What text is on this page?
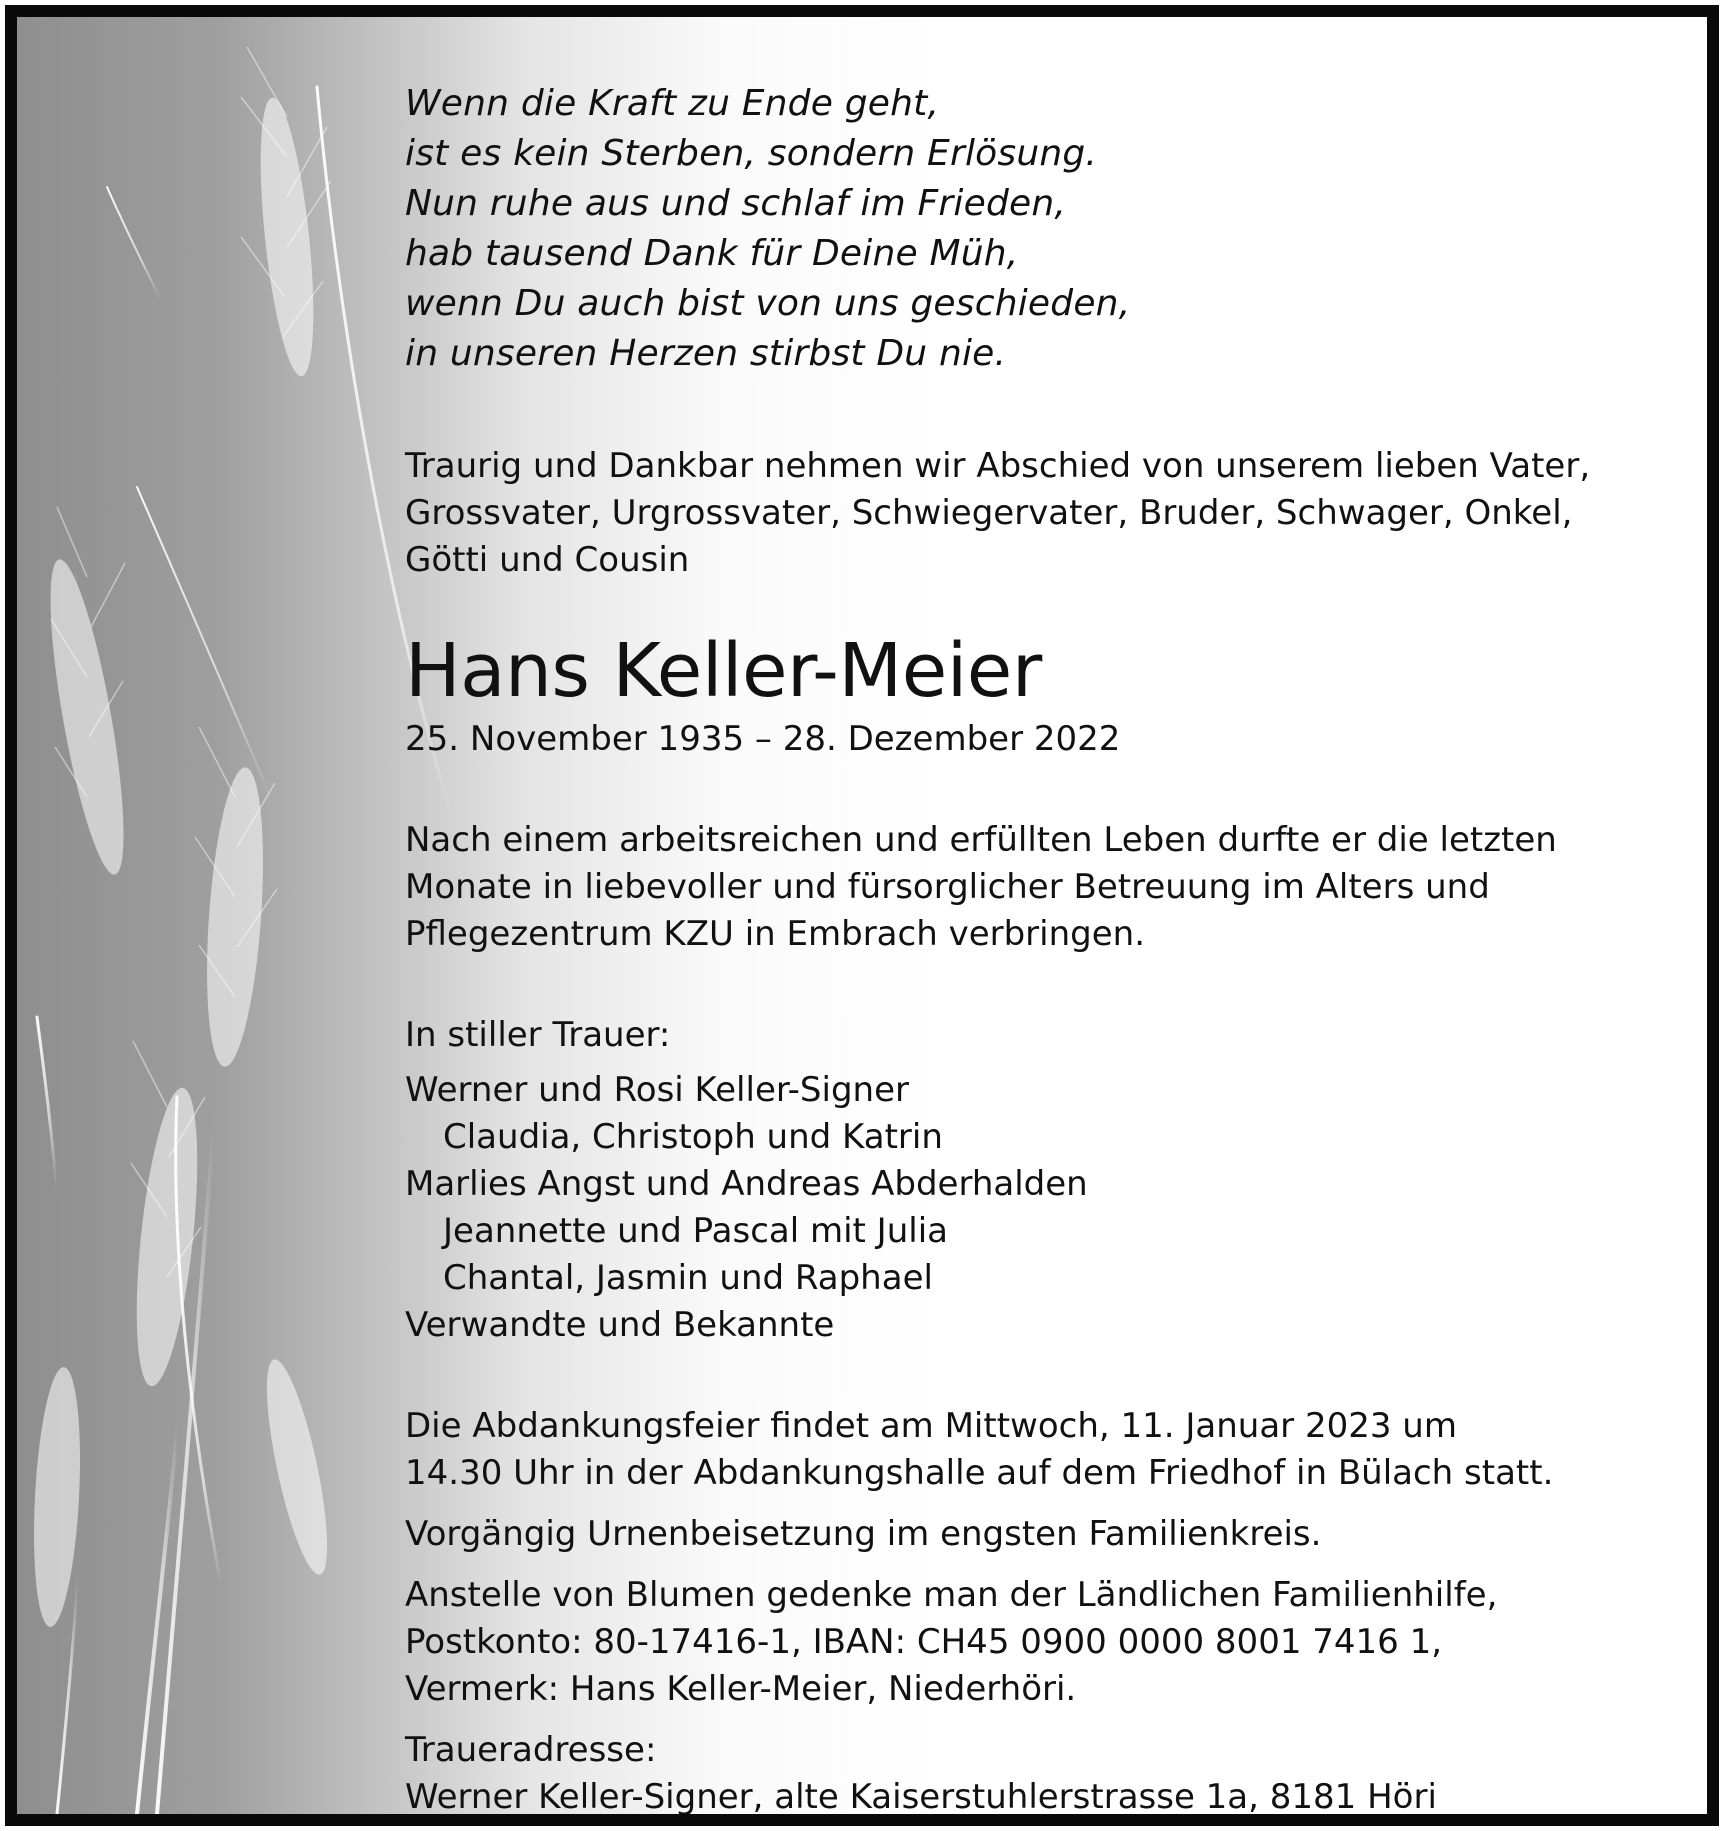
Wenn die Kraft zu Ende geht,
ist es kein Sterben, sondern Erlösung.
Nun ruhe aus und schlaf im Frieden,
hab tausend Dank für Deine Müh,
wenn Du auch bist von uns geschieden,
in unseren Herzen stirbst Du nie.
Traurig und Dankbar nehmen wir Abschied von unserem lieben Vater,
Grossvater, Urgrossvater, Schwiegervater, Bruder, Schwager, Onkel,
Götti und Cousin
Hans Keller-Meier
25. November 1935 – 28. Dezember 2022
Nach einem arbeitsreichen und erfüllten Leben durfte er die letzten
Monate in liebevoller und fürsorglicher Betreuung im Alters und
Pflegezentrum KZU in Embrach verbringen.
In stiller Trauer:
Werner und Rosi Keller-Signer
Claudia, Christoph und Katrin
Marlies Angst und Andreas Abderhalden
Jeannette und Pascal mit Julia
Chantal, Jasmin und Raphael
Verwandte und Bekannte
Die Abdankungsfeier findet am Mittwoch, 11. Januar 2023 um
14.30 Uhr in der Abdankungshalle auf dem Friedhof in Bülach statt.
Vorgängig Urnenbeisetzung im engsten Familienkreis.
Anstelle von Blumen gedenke man der Ländlichen Familienhilfe,
Postkonto: 80-17416-1, IBAN: CH45 0900 0000 8001 7416 1,
Vermerk: Hans Keller-Meier, Niederhöri.
Traueradresse:
Werner Keller-Signer, alte Kaiserstuhlerstrasse 1a, 8181 Höri
